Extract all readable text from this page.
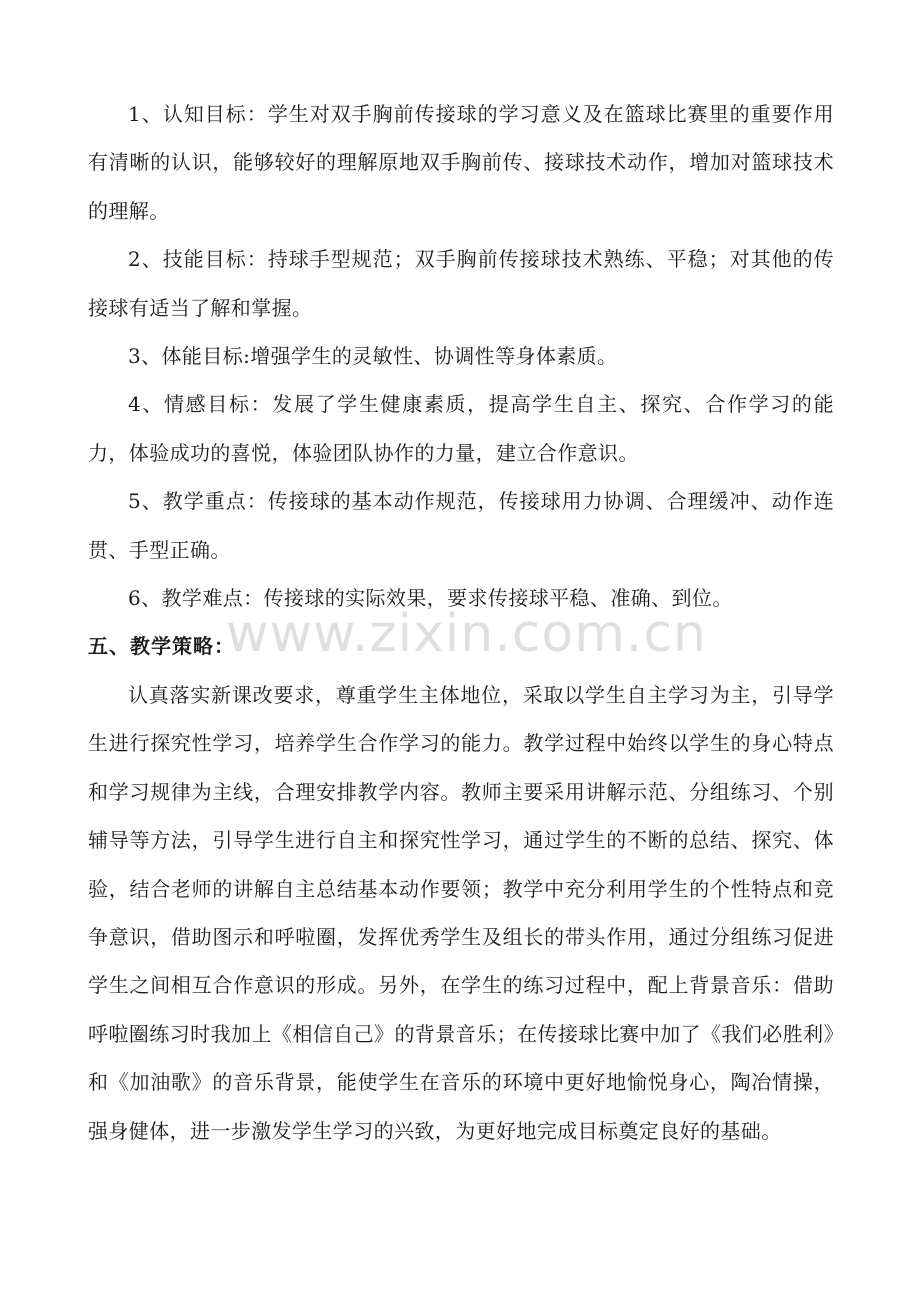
1、认知目标：学生对双手胸前传接球的学习意义及在篮球比赛里的重要作用有清晰的认识，能够较好的理解原地双手胸前传、接球技术动作，增加对篮球技术的理解。

2、技能目标：持球手型规范；双手胸前传接球技术熟练、平稳；对其他的传接球有适当了解和掌握。

3、体能目标:增强学生的灵敏性、协调性等身体素质。

4、情感目标：发展了学生健康素质，提高学生自主、探究、合作学习的能力，体验成功的喜悦，体验团队协作的力量，建立合作意识。

5、教学重点：传接球的基本动作规范，传接球用力协调、合理缓冲、动作连贯、手型正确。

6、教学难点：传接球的实际效果，要求传接球平稳、准确、到位。

五、教学策略：

认真落实新课改要求，尊重学生主体地位，采取以学生自主学习为主，引导学生进行探究性学习，培养学生合作学习的能力。教学过程中始终以学生的身心特点和学习规律为主线，合理安排教学内容。教师主要采用讲解示范、分组练习、个别辅导等方法，引导学生进行自主和探究性学习，通过学生的不断的总结、探究、体验，结合老师的讲解自主总结基本动作要领；教学中充分利用学生的个性特点和竞争意识，借助图示和呼啦圈，发挥优秀学生及组长的带头作用，通过分组练习促进学生之间相互合作意识的形成。另外，在学生的练习过程中，配上背景音乐：借助呼啦圈练习时我加上《相信自己》的背景音乐；在传接球比赛中加了《我们必胜利》和《加油歌》的音乐背景，能使学生在音乐的环境中更好地愉悦身心，陶冶情操，强身健体，进一步激发学生学习的兴致，为更好地完成目标奠定良好的基础。

www.zixin.com.cn
